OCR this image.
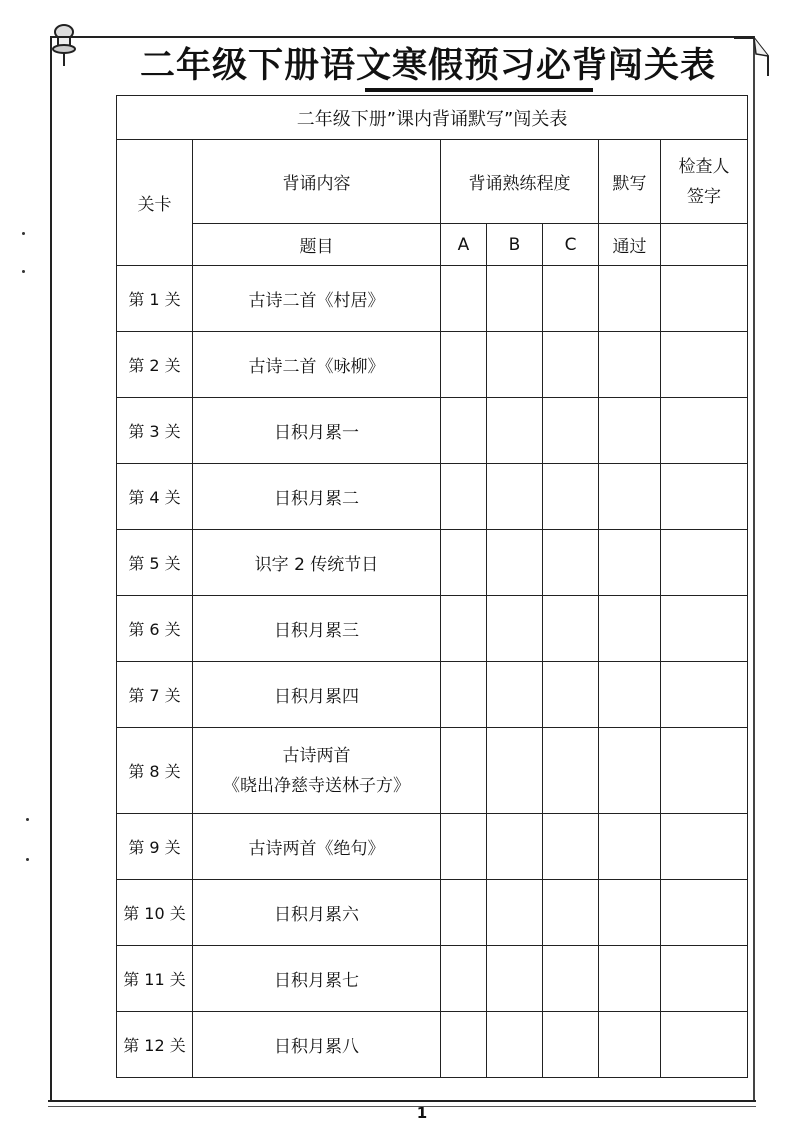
二年级下册语文寒假预习必背闯关表
二年级下册”课内背诵默写”闯关表						
关卡	背诵内容	背诵熟练程度			默写	检查人
签字

	题目	A	B	C	通过	
第 1 关	古诗二首《村居》					
第 2 关	古诗二首《咏柳》					
第 3 关	日积月累一					
第 4 关	日积月累二					
第 5 关	识字 2 传统节日					
第 6 关	日积月累三					
第 7 关	日积月累四					
第 8 关	古诗两首
《晓出净慈寺送林子方》					

第 9 关	古诗两首《绝句》					
第 10 关	日积月累六					
第 11 关	日积月累七					
第 12 关	日积月累八					
1
